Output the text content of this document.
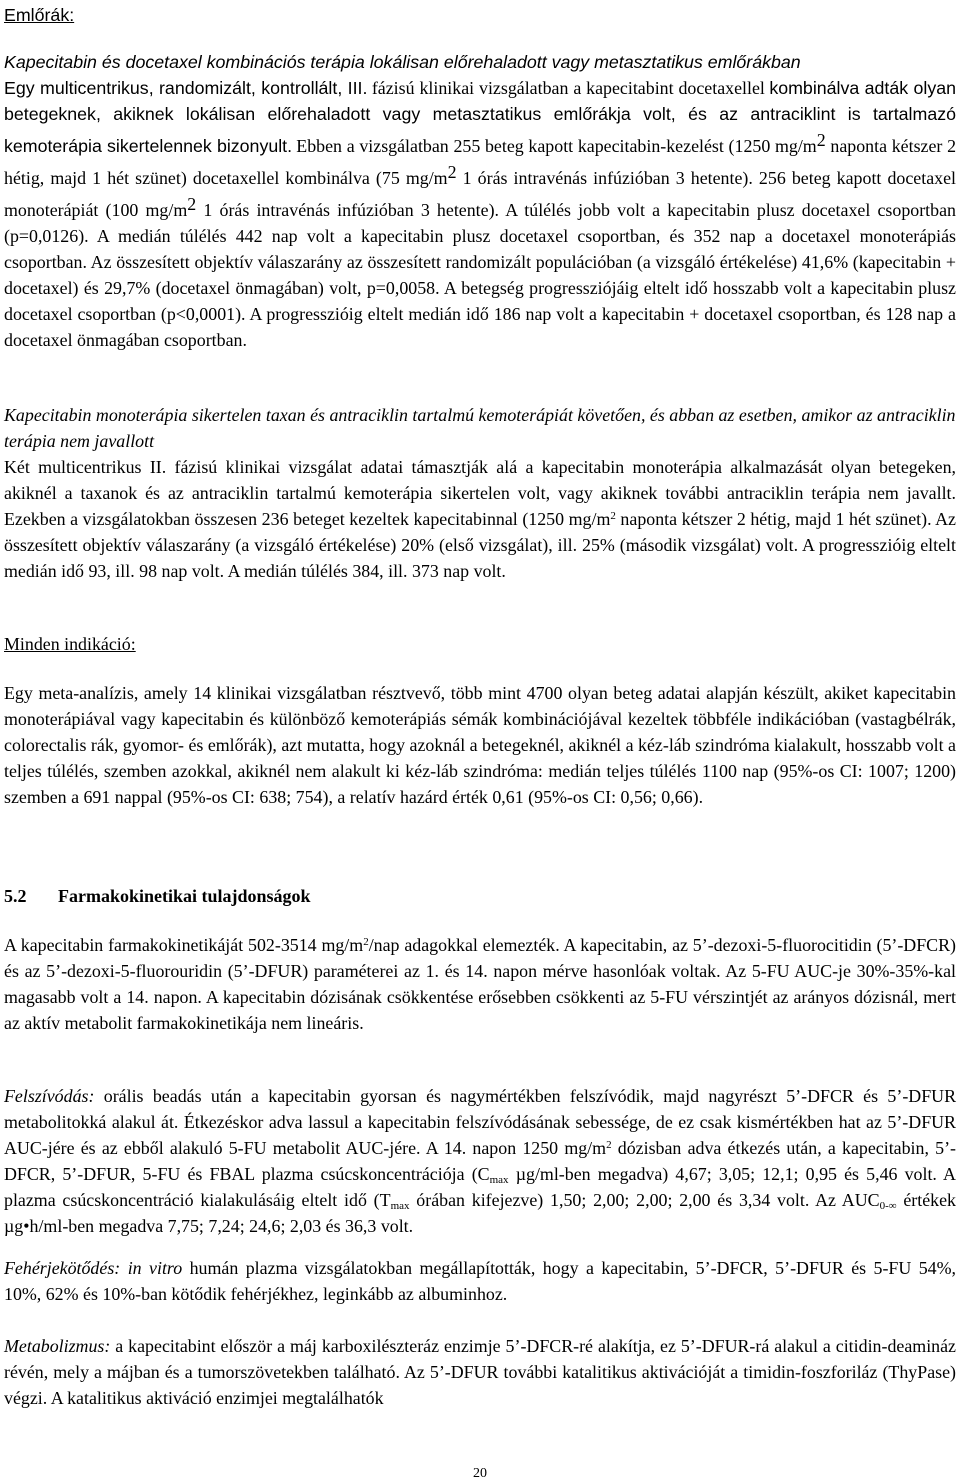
Emlőrák:

Kapecitabin és docetaxel kombinációs terápia lokálisan előrehaladott vagy metasztatikus emlőrákban

Egy multicentrikus, randomizált, kontrollált, III. fázisú klinikai vizsgálatban a kapecitabint docetaxellel kombinálva adták olyan betegeknek, akiknek lokálisan előrehaladott vagy metasztatikus emlőrákja volt, és az antraciklint is tartalmazó kemoterápia sikertelennek bizonyult. Ebben a vizsgálatban 255 beteg kapott kapecitabin-kezelést (1250 $mg/m^2$ naponta kétszer 2 hétig, majd 1 hét szünet) docetaxellel kombinálva (75 $mg/m^2$ 1 órás intravénás infúzióban 3 hetente). 256 beteg kapott docetaxel monoterápiát (100 $mg/m^2$ 1 órás intravénás infúzióban 3 hetente). A túlélés jobb volt a kapecitabin plusz docetaxel csoportban (p=0,0126). A medián túlélés 442 nap volt a kapecitabin plusz docetaxel csoportban, és 352 nap a docetaxel monoterápiás csoportban. Az összesített objektív válaszarány az összesített randomizált populációban (a vizsgáló értékelése) 41,6% (kapecitabin + docetaxel) és 29,7% (docetaxel önmagában) volt, p=0,0058. A betegség progressziójáig eltelt idő hosszabb volt a kapecitabin plusz docetaxel csoportban (p<0,0001). A progresszióig eltelt medián idő 186 nap volt a kapecitabin + docetaxel csoportban, és 128 nap a docetaxel önmagában csoportban.

Kapecitabin monoterápia sikertelen taxan és antraciklin tartalmú kemoterápiát követően, és abban az esetben, amikor az antraciklin terápia nem javallott

Két multicentrikus II. fázisú klinikai vizsgálat adatai támasztják alá a kapecitabin monoterápia alkalmazását olyan betegeken, akiknél a taxanok és az antraciklin tartalmú kemoterápia sikertelen volt, vagy akiknek további antraciklin terápia nem javallt. Ezekben a vizsgálatokban összesen 236 beteget kezeltek kapecitabinnal (1250 $mg/m^2$ naponta kétszer 2 hétig, majd 1 hét szünet). Az összesített objektív válaszarány (a vizsgáló értékelése) 20% (első vizsgálat), ill. 25% (második vizsgálat) volt. A progresszióig eltelt medián idő 93, ill. 98 nap volt. A medián túlélés 384, ill. 373 nap volt.

Minden indikáció:

Egy meta-analízis, amely 14 klinikai vizsgálatban résztvevő, több mint 4700 olyan beteg adatai alapján készült, akiket kapecitabin monoterápiával vagy kapecitabin és különböző kemoterápiás sémák kombinációjával kezeltek többféle indikációban (vastagbélrák, colorectalis rák, gyomor- és emlőrák), azt mutatta, hogy azoknál a betegeknél, akiknél a kéz-láb szindróma kialakult, hosszabb volt a teljes túlélés, szemben azokkal, akiknél nem alakult ki kéz-láb szindróma: medián teljes túlélés 1100 nap (95%-os CI: 1007; 1200) szemben a 691 nappal (95%-os CI: 638; 754), a relatív hazárd érték 0,61 (95%-os CI: 0,56; 0,66).

5.2 Farmakokinetikai tulajdonságok

A kapecitabin farmakokinetikáját 502-3514 $mg/m^2$/nap adagokkal elemezték. A kapecitabin, az 5’-dezoxi-5-fluorocitidin (5’-DFCR) és az 5’-dezoxi-5-fluorouridin (5’-DFUR) paraméterei az 1. és 14. napon mérve hasonlóak voltak. Az 5-FU AUC-je 30%-35%-kal magasabb volt a 14. napon. A kapecitabin dózisának csökkentése erősebben csökkenti az 5-FU vérszintjét az arányos dózisnál, mert az aktív metabolit farmakokinetikája nem lineáris.

Felszívódás: orális beadás után a kapecitabin gyorsan és nagymértékben felszívódik, majd nagyrészt 5’-DFCR és 5’-DFUR metabolitokká alakul át. Étkezéskor adva lassul a kapecitabin felszívódásának sebessége, de ez csak kismértékben hat az 5’-DFUR AUC-jére és az ebből alakuló 5-FU metabolit AUC-jére. A 14. napon 1250 $mg/m^2$ dózisban adva étkezés után, a kapecitabin, 5’-DFCR, 5’-DFUR, 5-FU és FBAL plazma csúcskoncentrációja ($C_{max}$ µg/ml-ben megadva) 4,67; 3,05; 12,1; 0,95 és 5,46 volt. A plazma csúcskoncentráció kialakulásáig eltelt idő ($T_{max}$ órában kifejezve) 1,50; 2,00; 2,00; 2,00 és 3,34 volt. Az $AUC_{0-\infty}$ értékek µg•h/ml-ben megadva 7,75; 7,24; 24,6; 2,03 és 36,3 volt.

Fehérjekötődés: in vitro humán plazma vizsgálatokban megállapították, hogy a kapecitabin, 5’-DFCR, 5’-DFUR és 5-FU 54%, 10%, 62% és 10%-ban kötődik fehérjékhez, leginkább az albuminhoz.

Metabolizmus: a kapecitabint először a máj karboxilészteráz enzimje 5’-DFCR-ré alakítja, ez 5’-DFUR-rá alakul a citidin-deamináz révén, mely a májban és a tumorszövetekben található. Az 5’-DFUR további katalitikus aktivációját a timidin-foszforiláz (ThyPase) végzi. A katalitikus aktiváció enzimjei megtalálhatók

20
